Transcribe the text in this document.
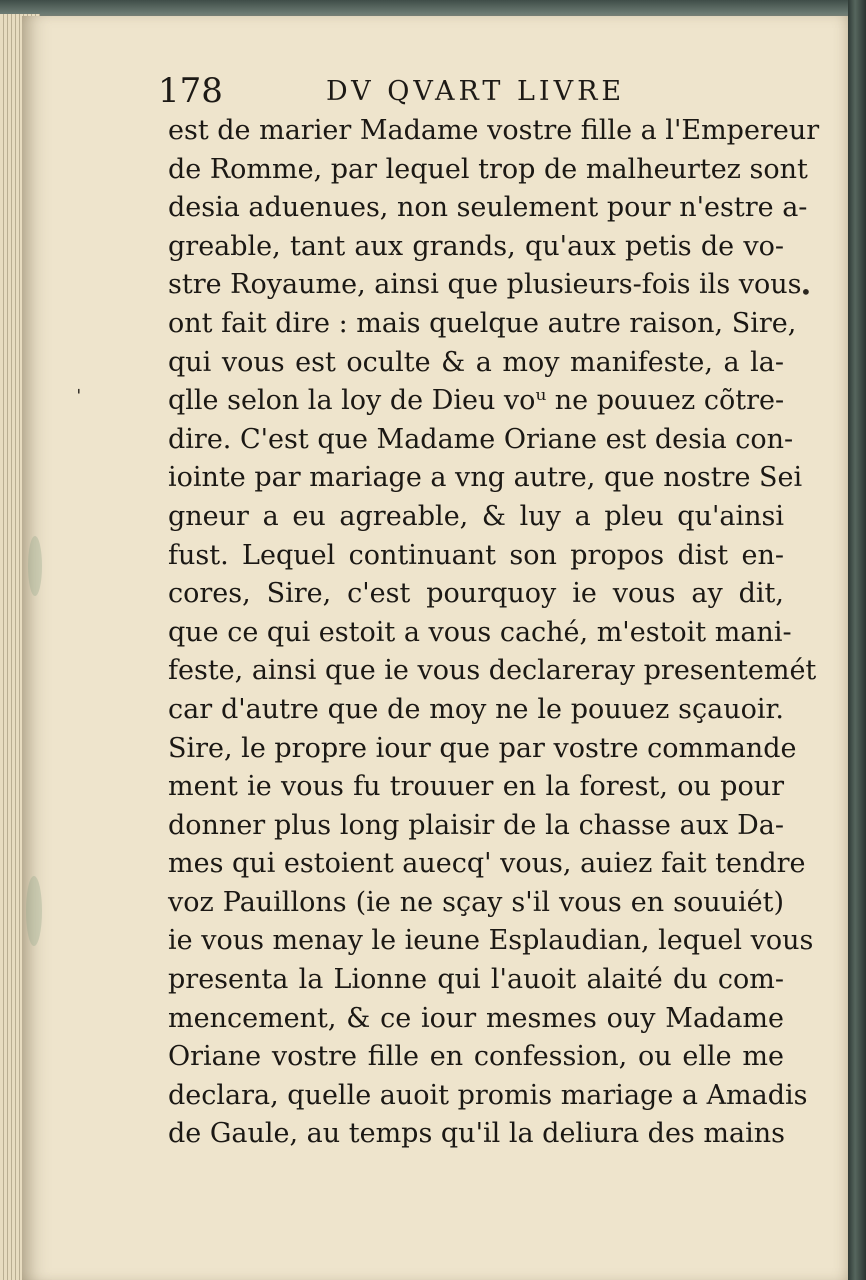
178	DV QVART LIVRE
est de marier Madame vostre fille a l'Empereur
de Romme, par lequel trop de malheurtez sont
desia aduenues, non seulement pour n'estre a-
greable, tant aux grands, qu'aux petis de vo-
stre Royaume, ainsi que plusieurs-fois ils vous
ont fait dire : mais quelque autre raison, Sire,
qui vous est oculte & a moy manifeste, a la-
qlle selon la loy de Dieu voᵘ ne pouuez cõtre-
dire. C'est que Madame Oriane est desia con-
iointe par mariage a vng autre, que nostre Sei
gneur a eu agreable, & luy a pleu qu'ainsi
fust. Lequel continuant son propos dist en-
cores, Sire, c'est pourquoy ie vous ay dit,
que ce qui estoit a vous caché, m'estoit mani-
feste, ainsi que ie vous declareray presentemét
car d'autre que de moy ne le pouuez sçauoir.
Sire, le propre iour que par vostre commande
ment ie vous fu trouuer en la forest, ou pour
donner plus long plaisir de la chasse aux Da-
mes qui estoient auecq' vous, auiez fait tendre
voz Pauillons (ie ne sçay s'il vous en souuiét)
ie vous menay le ieune Esplaudian, lequel vous
presenta la Lionne qui l'auoit alaité du com-
mencement, & ce iour mesmes ouy Madame
Oriane vostre fille en confession, ou elle me
declara, quelle auoit promis mariage a Amadis
de Gaule, au temps qu'il la deliura des mains
ˌ
•
